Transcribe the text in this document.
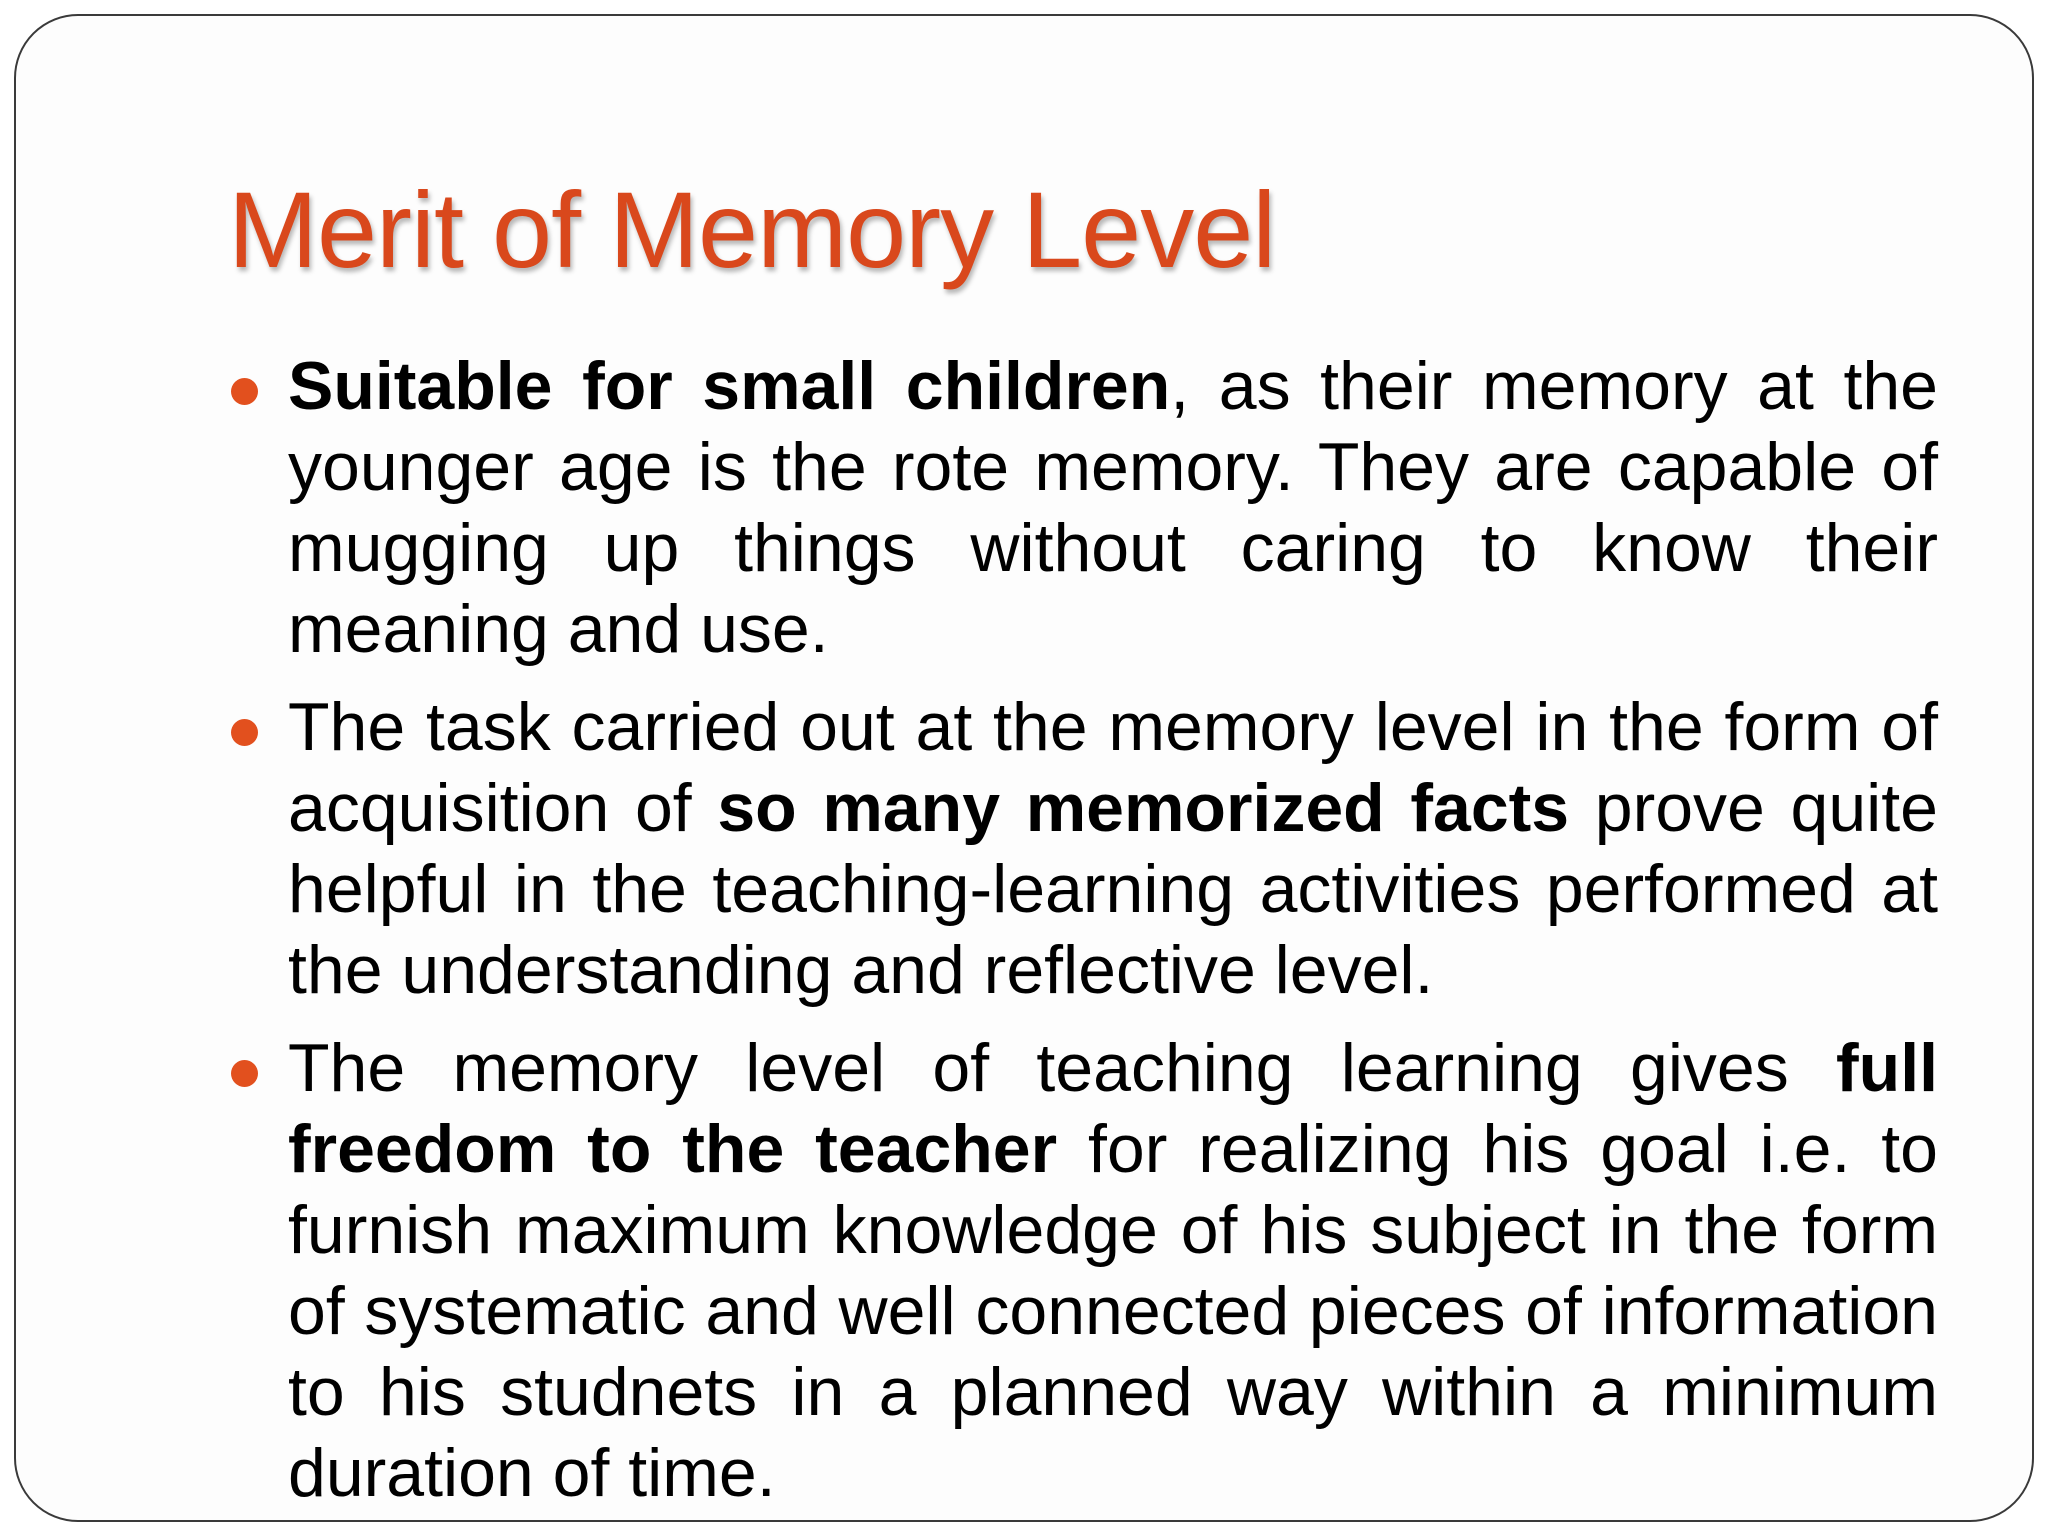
Merit of Memory Level
Suitable for small children, as their memory at the younger age is the rote memory. They are capable of mugging up things without caring to know their meaning and use.
The task carried out at the memory level in the form of acquisition of so many memorized facts prove quite helpful in the teaching-learning activities performed at the understanding and reflective level.
The memory level of teaching learning gives full freedom to the teacher for realizing his goal i.e. to furnish maximum knowledge of his subject in the form of systematic and well connected pieces of information to his studnets in a planned way within a minimum duration of time.
